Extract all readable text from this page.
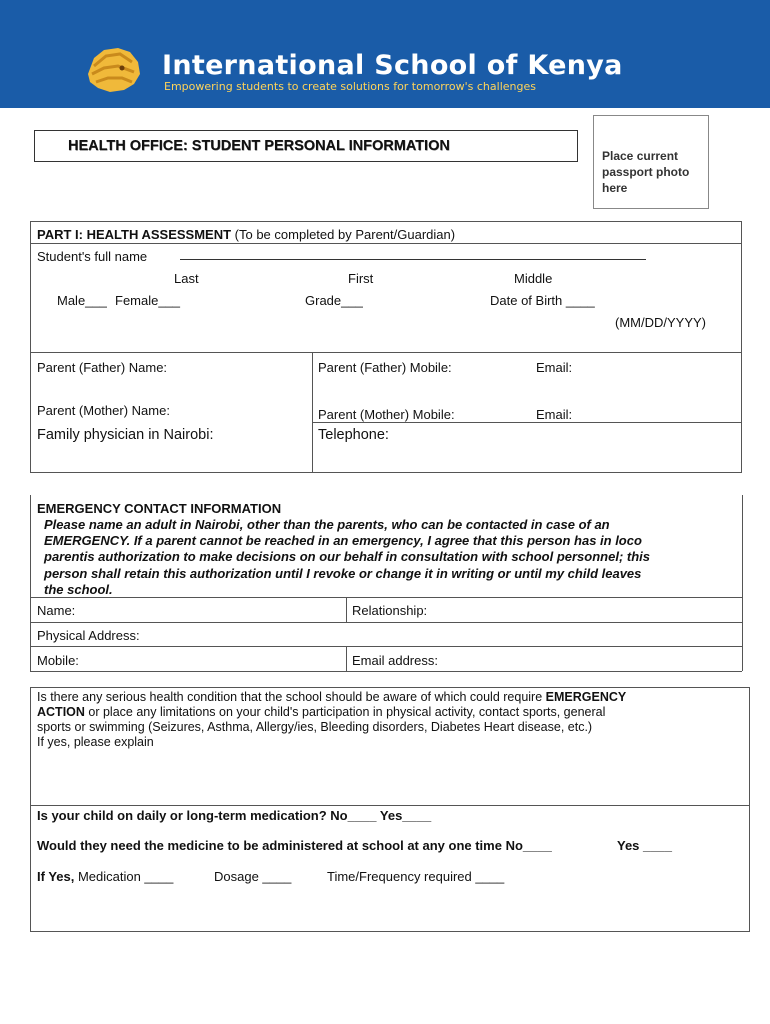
International School of Kenya
Empowering students to create solutions for tomorrow's challenges
HEALTH OFFICE: STUDENT PERSONAL INFORMATION
Place current
passport photo
here
PART I: HEALTH ASSESSMENT (To be completed by Parent/Guardian)
Student's full name
Last	First	Middle
Male___ Female___	Grade___	Date of Birth ____
(MM/DD/YYYY)
Parent (Father) Name:	Parent (Father) Mobile:	Email:
Parent (Mother) Name:	Parent (Mother) Mobile:	Email:
Family physician in Nairobi:	Telephone:
EMERGENCY CONTACT INFORMATION
Please name an adult in Nairobi, other than the parents, who can be contacted in case of an
EMERGENCY. If a parent cannot be reached in an emergency, I agree that this person has in loco
parentis authorization to make decisions on our behalf in consultation with school personnel; this
person shall retain this authorization until I revoke or change it in writing or until my child leaves
the school.
Name:	Relationship:
Physical Address:
Mobile:	Email address:
Is there any serious health condition that the school should be aware of which could require EMERGENCY
ACTION or place any limitations on your child's participation in physical activity, contact sports, general
sports or swimming (Seizures, Asthma, Allergy/ies, Bleeding disorders, Diabetes Heart disease, etc.)
If yes, please explain
Is your child on daily or long-term medication? No____ Yes____
Would they need the medicine to be administered at school at any one time No____	Yes ____
If Yes, Medication ____	Dosage ____	Time/Frequency required ____
